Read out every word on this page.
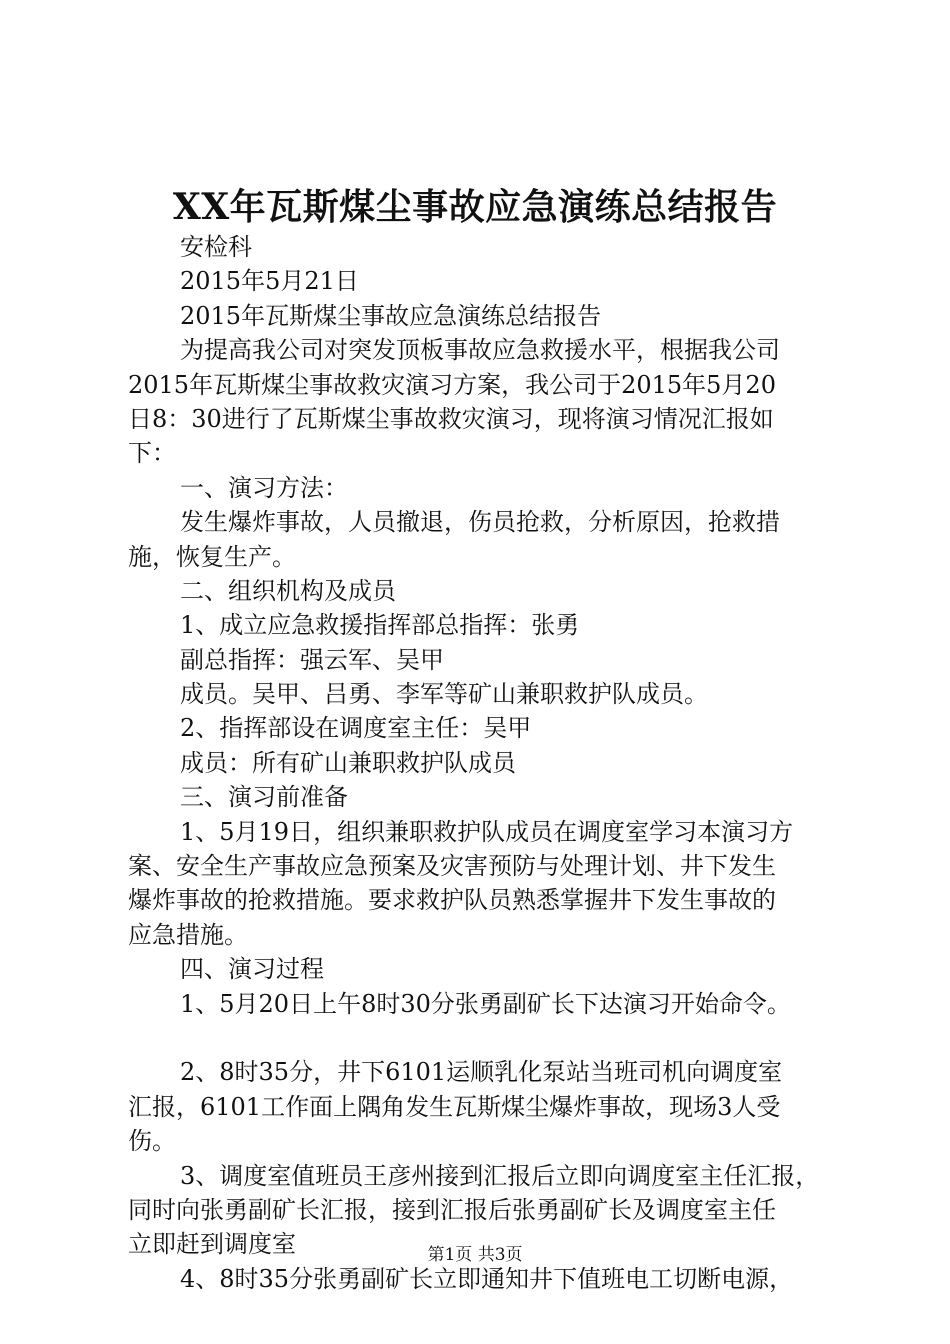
XX年瓦斯煤尘事故应急演练总结报告
安检科
2015年5月21日
2015年瓦斯煤尘事故应急演练总结报告
为提高我公司对突发顶板事故应急救援水平，根据我公司
2015年瓦斯煤尘事故救灾演习方案，我公司于2015年5月20
日8：30进行了瓦斯煤尘事故救灾演习，现将演习情况汇报如
下：
一、演习方法：
发生爆炸事故，人员撤退，伤员抢救，分析原因，抢救措
施，恢复生产。
二、组织机构及成员
1、成立应急救援指挥部总指挥：张勇
副总指挥：强云军、吴甲
成员。吴甲、吕勇、李军等矿山兼职救护队成员。
2、指挥部设在调度室主任：吴甲
成员：所有矿山兼职救护队成员
三、演习前准备
1、5月19日，组织兼职救护队成员在调度室学习本演习方
案、安全生产事故应急预案及灾害预防与处理计划、井下发生
爆炸事故的抢救措施。要求救护队员熟悉掌握井下发生事故的
应急措施。
四、演习过程
1、5月20日上午8时30分张勇副矿长下达演习开始命令。
2、8时35分，井下6101运顺乳化泵站当班司机向调度室
汇报，6101工作面上隅角发生瓦斯煤尘爆炸事故，现场3人受
伤。
3、调度室值班员王彦州接到汇报后立即向调度室主任汇报，
同时向张勇副矿长汇报，接到汇报后张勇副矿长及调度室主任
立即赶到调度室
4、8时35分张勇副矿长立即通知井下值班电工切断电源，
第1页 共3页
